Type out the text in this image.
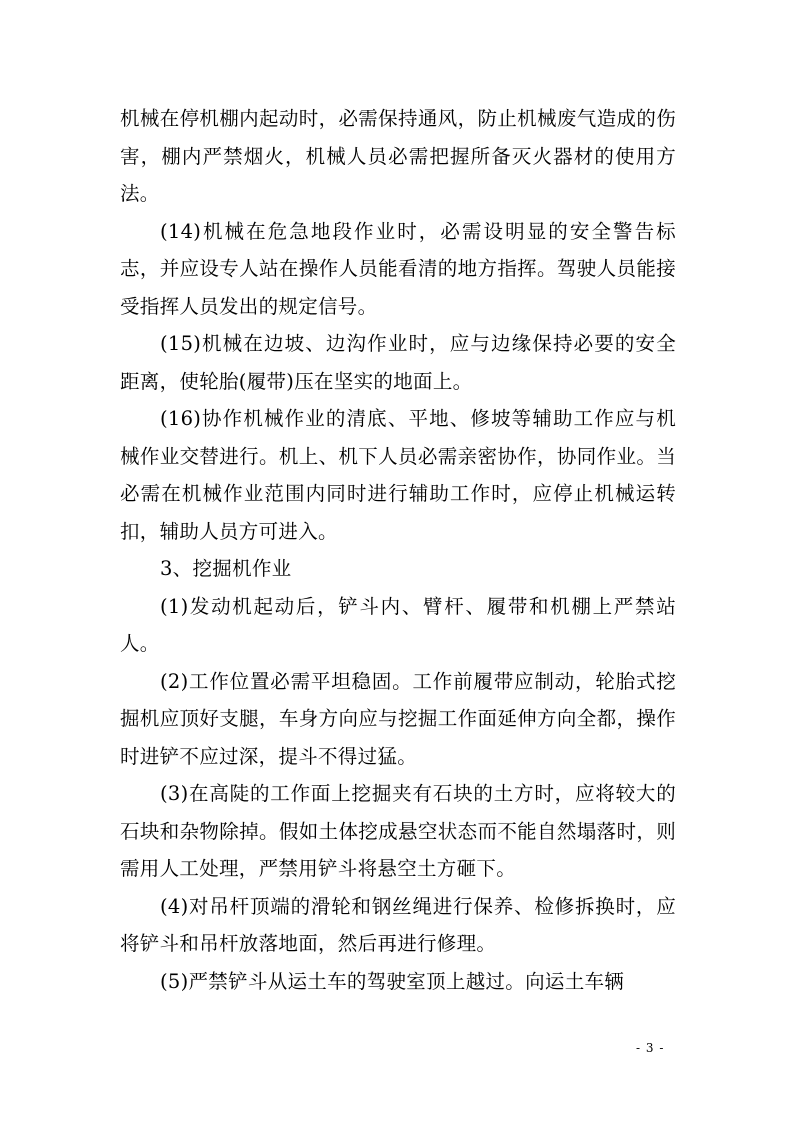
机械在停机棚内起动时，必需保持通风，防止机械废气造成的伤害，棚内严禁烟火，机械人员必需把握所备灭火器材的使用方法。

(14)机械在危急地段作业时，必需设明显的安全警告标志，并应设专人站在操作人员能看清的地方指挥。驾驶人员能接受指挥人员发出的规定信号。

(15)机械在边坡、边沟作业时，应与边缘保持必要的安全距离，使轮胎(履带)压在坚实的地面上。

(16)协作机械作业的清底、平地、修坡等辅助工作应与机械作业交替进行。机上、机下人员必需亲密协作，协同作业。当必需在机械作业范围内同时进行辅助工作时，应停止机械运转扣，辅助人员方可进入。

3、挖掘机作业

(1)发动机起动后，铲斗内、臂杆、履带和机棚上严禁站人。

(2)工作位置必需平坦稳固。工作前履带应制动，轮胎式挖掘机应顶好支腿，车身方向应与挖掘工作面延伸方向全都，操作时进铲不应过深，提斗不得过猛。

(3)在高陡的工作面上挖掘夹有石块的土方时，应将较大的石块和杂物除掉。假如土体挖成悬空状态而不能自然塌落时，则需用人工处理，严禁用铲斗将悬空土方砸下。

(4)对吊杆顶端的滑轮和钢丝绳进行保养、检修拆换时，应将铲斗和吊杆放落地面，然后再进行修理。

(5)严禁铲斗从运土车的驾驶室顶上越过。向运土车辆

- 3 -
